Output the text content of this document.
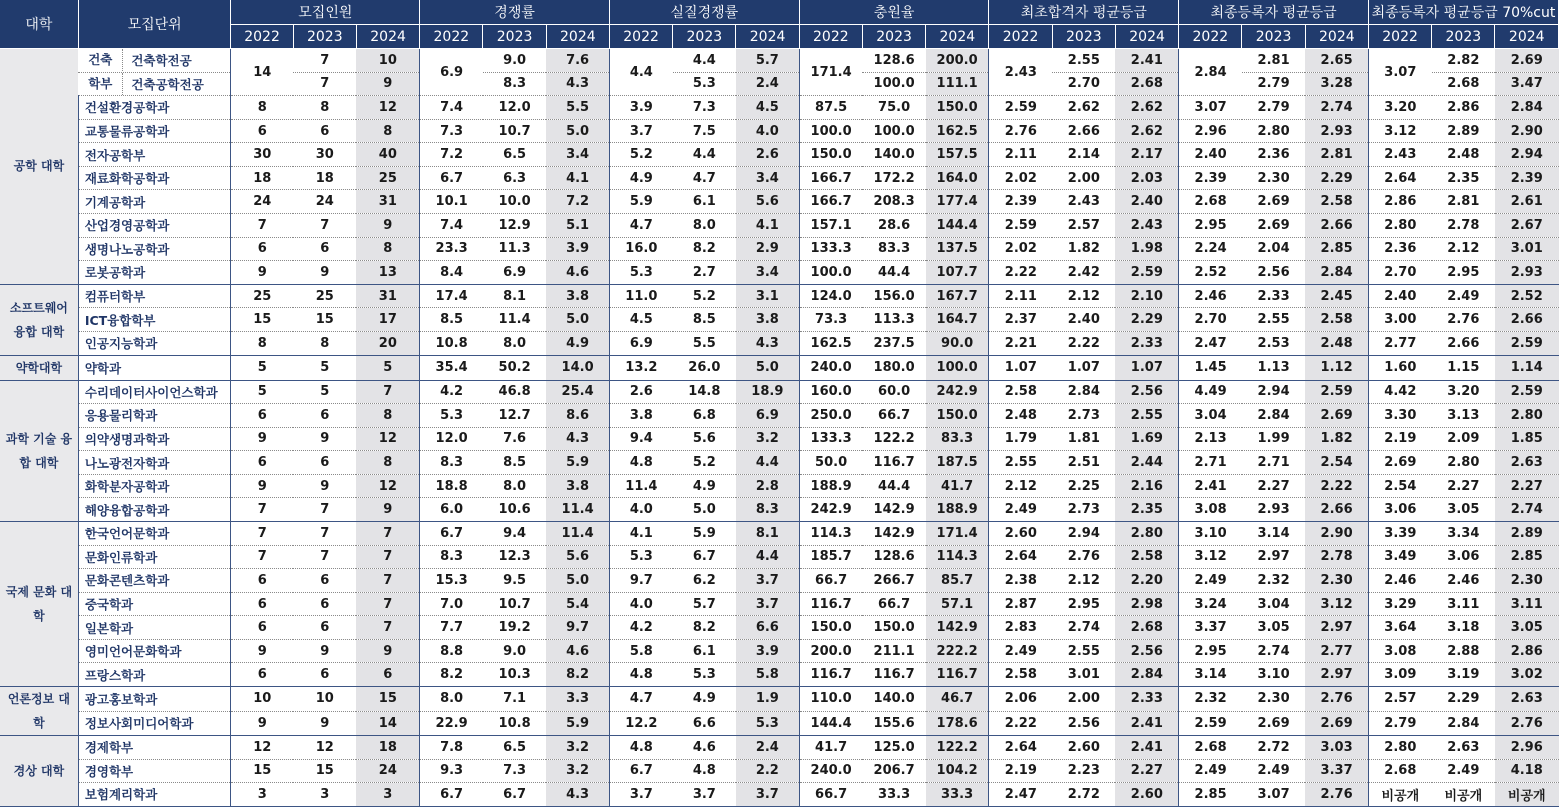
대학	모집단위	모집인원			경쟁률			실질경쟁률			충원율			최초합격자 평균등급			최종등록자 평균등급			최종등록자 평균등급 70%cut		
		2022	2023	2024	2022	2023	2024	2022	2023	2024	2022	2023	2024	2022	2023	2024	2022	2023	2024	2022	2023	2024
공학 대학	건축 건축학전공	14	7	10	6.9	9.0	7.6	4.4	4.4	5.7	171.4	128.6	200.0	2.43	2.55	2.41	2.84	2.81	2.65	3.07	2.82	2.69

	학부 건축공학전공		7	9		8.3	4.3		5.3	2.4		100.0	111.1		2.70	2.68		2.79	3.28		2.68	3.47
	건설환경공학과	8	8	12	7.4	12.0	5.5	3.9	7.3	4.5	87.5	75.0	150.0	2.59	2.62	2.62	3.07	2.79	2.74	3.20	2.86	2.84
	교통물류공학과	6	6	8	7.3	10.7	5.0	3.7	7.5	4.0	100.0	100.0	162.5	2.76	2.66	2.62	2.96	2.80	2.93	3.12	2.89	2.90
	전자공학부	30	30	40	7.2	6.5	3.4	5.2	4.4	2.6	150.0	140.0	157.5	2.11	2.14	2.17	2.40	2.36	2.81	2.43	2.48	2.94
	재료화학공학과	18	18	25	6.7	6.3	4.1	4.9	4.7	3.4	166.7	172.2	164.0	2.02	2.00	2.03	2.39	2.30	2.29	2.64	2.35	2.39
	기계공학과	24	24	31	10.1	10.0	7.2	5.9	6.1	5.6	166.7	208.3	177.4	2.39	2.43	2.40	2.68	2.69	2.58	2.86	2.81	2.61
	산업경영공학과	7	7	9	7.4	12.9	5.1	4.7	8.0	4.1	157.1	28.6	144.4	2.59	2.57	2.43	2.95	2.69	2.66	2.80	2.78	2.67
	생명나노공학과	6	6	8	23.3	11.3	3.9	16.0	8.2	2.9	133.3	83.3	137.5	2.02	1.82	1.98	2.24	2.04	2.85	2.36	2.12	3.01
	로봇공학과	9	9	13	8.4	6.9	4.6	5.3	2.7	3.4	100.0	44.4	107.7	2.22	2.42	2.59	2.52	2.56	2.84	2.70	2.95	2.93
소프트웨어 융합 대학	컴퓨터학부	25	25	31	17.4	8.1	3.8	11.0	5.2	3.1	124.0	156.0	167.7	2.11	2.12	2.10	2.46	2.33	2.45	2.40	2.49	2.52
	ICT융합학부	15	15	17	8.5	11.4	5.0	4.5	8.5	3.8	73.3	113.3	164.7	2.37	2.40	2.29	2.70	2.55	2.58	3.00	2.76	2.66
	인공지능학과	8	8	20	10.8	8.0	4.9	6.9	5.5	4.3	162.5	237.5	90.0	2.21	2.22	2.33	2.47	2.53	2.48	2.77	2.66	2.59
약학대학	약학과	5	5	5	35.4	50.2	14.0	13.2	26.0	5.0	240.0	180.0	100.0	1.07	1.07	1.07	1.45	1.13	1.12	1.60	1.15	1.14
과학 기술 융합 대학	수리데이터사이언스학과	5	5	7	4.2	46.8	25.4	2.6	14.8	18.9	160.0	60.0	242.9	2.58	2.84	2.56	4.49	2.94	2.59	4.42	3.20	2.59
	응용물리학과	6	6	8	5.3	12.7	8.6	3.8	6.8	6.9	250.0	66.7	150.0	2.48	2.73	2.55	3.04	2.84	2.69	3.30	3.13	2.80
	의약생명과학과	9	9	12	12.0	7.6	4.3	9.4	5.6	3.2	133.3	122.2	83.3	1.79	1.81	1.69	2.13	1.99	1.82	2.19	2.09	1.85
	나노광전자학과	6	6	8	8.3	8.5	5.9	4.8	5.2	4.4	50.0	116.7	187.5	2.55	2.51	2.44	2.71	2.71	2.54	2.69	2.80	2.63
	화학분자공학과	9	9	12	18.8	8.0	3.8	11.4	4.9	2.8	188.9	44.4	41.7	2.12	2.25	2.16	2.41	2.27	2.22	2.54	2.27	2.27
	해양융합공학과	7	7	9	6.0	10.6	11.4	4.0	5.0	8.3	242.9	142.9	188.9	2.49	2.73	2.35	3.08	2.93	2.66	3.06	3.05	2.74
국제 문화 대학	한국언어문학과	7	7	7	6.7	9.4	11.4	4.1	5.9	8.1	114.3	142.9	171.4	2.60	2.94	2.80	3.10	3.14	2.90	3.39	3.34	2.89
	문화인류학과	7	7	7	8.3	12.3	5.6	5.3	6.7	4.4	185.7	128.6	114.3	2.64	2.76	2.58	3.12	2.97	2.78	3.49	3.06	2.85
	문화콘텐츠학과	6	6	7	15.3	9.5	5.0	9.7	6.2	3.7	66.7	266.7	85.7	2.38	2.12	2.20	2.49	2.32	2.30	2.46	2.46	2.30
	중국학과	6	6	7	7.0	10.7	5.4	4.0	5.7	3.7	116.7	66.7	57.1	2.87	2.95	2.98	3.24	3.04	3.12	3.29	3.11	3.11
	일본학과	6	6	7	7.7	19.2	9.7	4.2	8.2	6.6	150.0	150.0	142.9	2.83	2.74	2.68	3.37	3.05	2.97	3.64	3.18	3.05
	영미언어문화학과	9	9	9	8.8	9.0	4.6	5.8	6.1	3.9	200.0	211.1	222.2	2.49	2.55	2.56	2.95	2.74	2.77	3.08	2.88	2.86
	프랑스학과	6	6	6	8.2	10.3	8.2	4.8	5.3	5.8	116.7	116.7	116.7	2.58	3.01	2.84	3.14	3.10	2.97	3.09	3.19	3.02
언론정보 대학	광고홍보학과	10	10	15	8.0	7.1	3.3	4.7	4.9	1.9	110.0	140.0	46.7	2.06	2.00	2.33	2.32	2.30	2.76	2.57	2.29	2.63
	정보사회미디어학과	9	9	14	22.9	10.8	5.9	12.2	6.6	5.3	144.4	155.6	178.6	2.22	2.56	2.41	2.59	2.69	2.69	2.79	2.84	2.76
경상 대학	경제학부	12	12	18	7.8	6.5	3.2	4.8	4.6	2.4	41.7	125.0	122.2	2.64	2.60	2.41	2.68	2.72	3.03	2.80	2.63	2.96
	경영학부	15	15	24	9.3	7.3	3.2	6.7	4.8	2.2	240.0	206.7	104.2	2.19	2.23	2.27	2.49	2.49	3.37	2.68	2.49	4.18
	보험계리학과	3	3	3	6.7	6.7	4.3	3.7	3.7	3.7	66.7	33.3	33.3	2.47	2.72	2.60	2.85	3.07	2.76	비공개	비공개	비공개
